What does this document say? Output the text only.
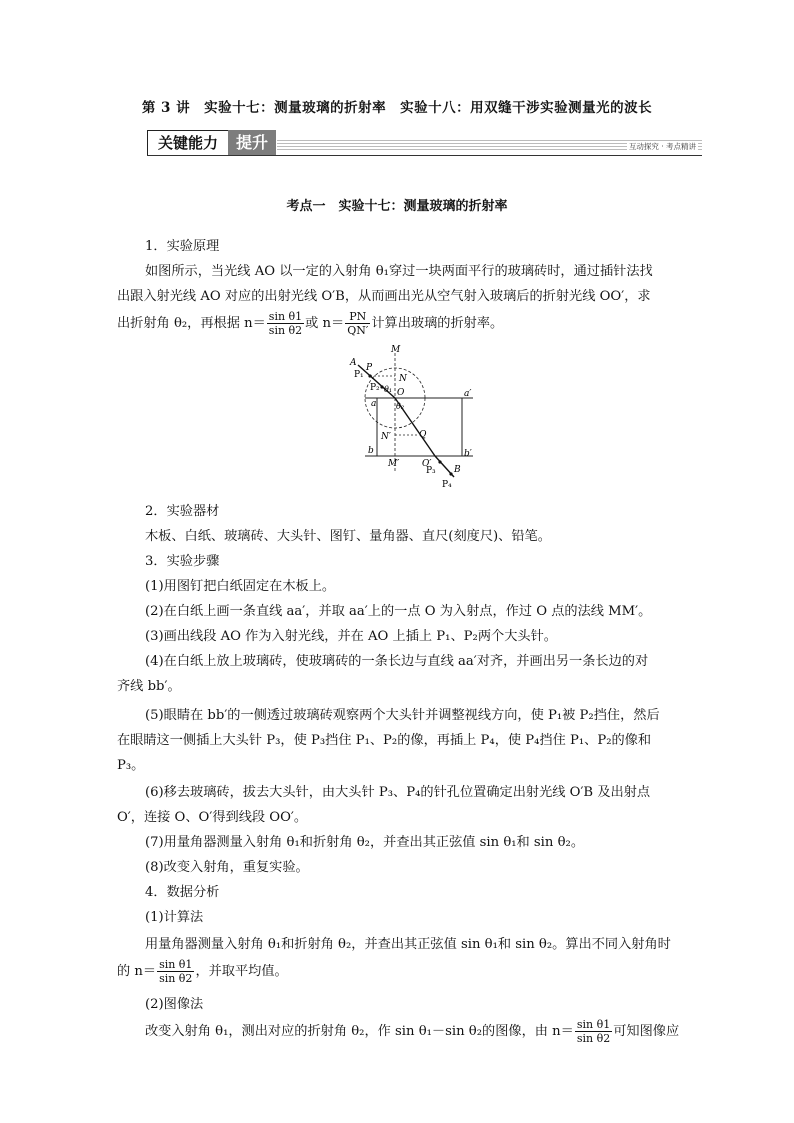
第 3 讲　实验十七：测量玻璃的折射率　实验十八：用双缝干涉实验测量光的波长
关键能力	提升	互动探究 · 考点精讲
考点一　实验十七：测量玻璃的折射率

1．实验原理

如图所示，当光线 AO 以一定的入射角 θ₁穿过一块两面平行的玻璃砖时，通过插针法找

出跟入射光线 AO 对应的出射光线 O′B，从而画出光从空气射入玻璃后的折射光线 OO′，求

出折射角 θ₂，再根据 $n= \frac{\text{sin θ1}}{\text{sin θ2}}$ 或 $n= \frac{PN}{QN'}$ 计算出玻璃的折射率。
A P
P₁
P₂
M
N
O
θ₁
θ₂
a
a′
N′	Q
b	b′
M′	O′
P₃ B
P₄

2．实验器材

木板、白纸、玻璃砖、大头针、图钉、量角器、直尺(刻度尺)、铅笔。

3．实验步骤

(1)用图钉把白纸固定在木板上。

(2)在白纸上画一条直线 aa′，并取 aa′上的一点 O 为入射点，作过 O 点的法线 MM′。

(3)画出线段 AO 作为入射光线，并在 AO 上插上 P₁、P₂两个大头针。

(4)在白纸上放上玻璃砖，使玻璃砖的一条长边与直线 aa′对齐，并画出另一条长边的对

齐线 bb′。

(5)眼睛在 bb′的一侧透过玻璃砖观察两个大头针并调整视线方向，使 P₁被 P₂挡住，然后

在眼睛这一侧插上大头针 P₃，使 P₃挡住 P₁、P₂的像，再插上 P₄，使 P₄挡住 P₁、P₂的像和

P₃。

(6)移去玻璃砖，拔去大头针，由大头针 P₃、P₄的针孔位置确定出射光线 O′B 及出射点

O′，连接 O、O′得到线段 OO′。

(7)用量角器测量入射角 θ₁和折射角 θ₂，并查出其正弦值 sin θ₁和 sin θ₂。

(8)改变入射角，重复实验。

4．数据分析

(1)计算法

用量角器测量入射角 θ₁和折射角 θ₂，并查出其正弦值 sin θ₁和 sin θ₂。算出不同入射角时

的 $n= \frac{\text{sin θ1}}{\text{sin θ2}}$ ，并取平均值。

(2)图像法

改变入射角 θ₁，测出对应的折射角 θ₂，作 sin θ₁－sin θ₂的图像，由 $n= \frac{\text{sin θ1}}{\text{sin θ2}}$ 可知图像应
